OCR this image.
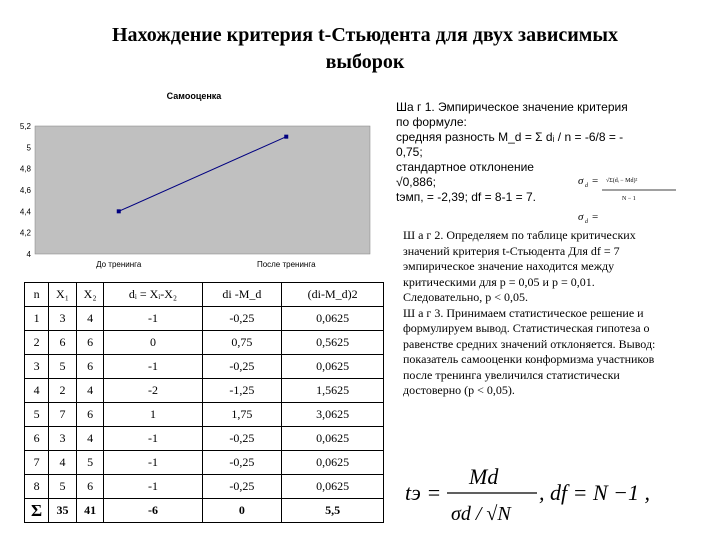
Нахождение критерия t-Стьюдента для двух зависимых
выборок
Самооценка
4
4,2
4,4
4,6
4,8
5
5,2
До тренинга	После тренинга
n	X₁	X₂	dᵢ = Xᵢ-X₂	di -M_d	(di-M_d)2
1	3	4	-1	-0,25	0,0625
2	6	6	0	0,75	0,5625
3	5	6	-1	-0,25	0,0625
4	2	4	-2	-1,25	1,5625
5	7	6	1	1,75	3,0625
6	3	4	-1	-0,25	0,0625
7	4	5	-1	-0,25	0,0625
8	5	6	-1	-0,25	0,0625
Σ	35	41	-6	0	5,5
Ша г 1. Эмпирическое значение критерия
по формуле:
средняя разность M_d = Σ dᵢ / n = -6/8 = -
0,75;
стандартное отклонение
√0,886;
tэмп, = -2,39; df = 8-1 = 7.
σ d = √Σ(dᵢ − Md)²
N − 1
σ d =
Ш а г 2. Определяем по таблице критических значений критерия t-Стьюдента Для df = 7 эмпирическое значение находится между критическими для p = 0,05 и p = 0,01. Следовательно, p < 0,05.
Ш а г 3. Принимаем статистическое решение и формулируем вывод. Статистическая гипотеза о равенстве средних значений отклоняется. Вывод: показатель самооценки конформизма участников после тренинга увеличился статистически достоверно (p < 0,05).
tэ =
Md
σd / √N
, df = N −1 ,
